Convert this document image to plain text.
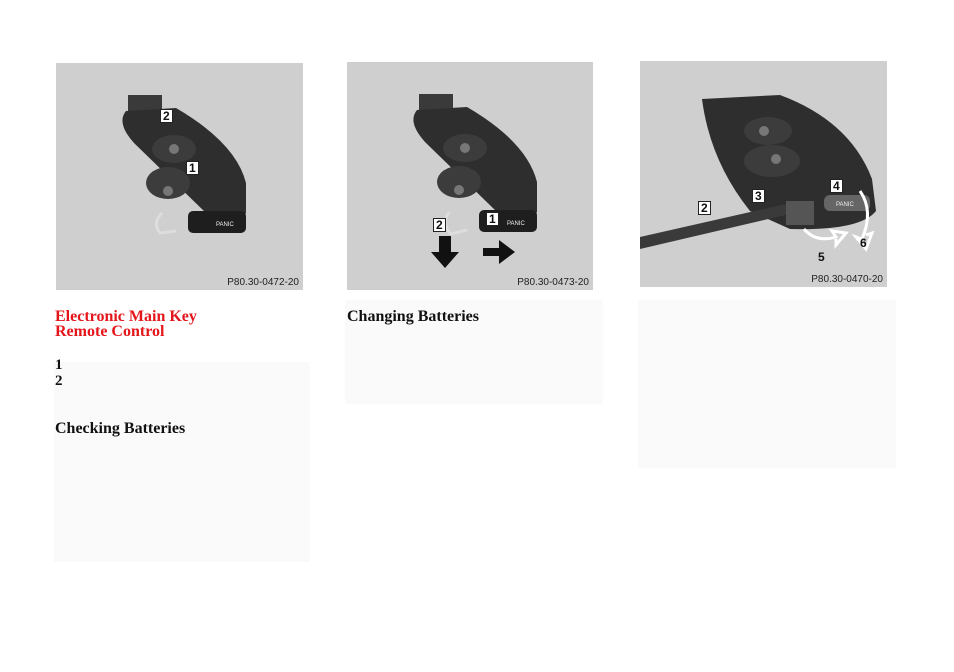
PANIC
2
1
P80.30-0472-20
PANIC
2	1
P80.30-0473-20
PANIC
2
3
4
5
6
P80.30-0470-20
Electronic Main Key
Remote Control
1
2
Checking Batteries
Changing Batteries
